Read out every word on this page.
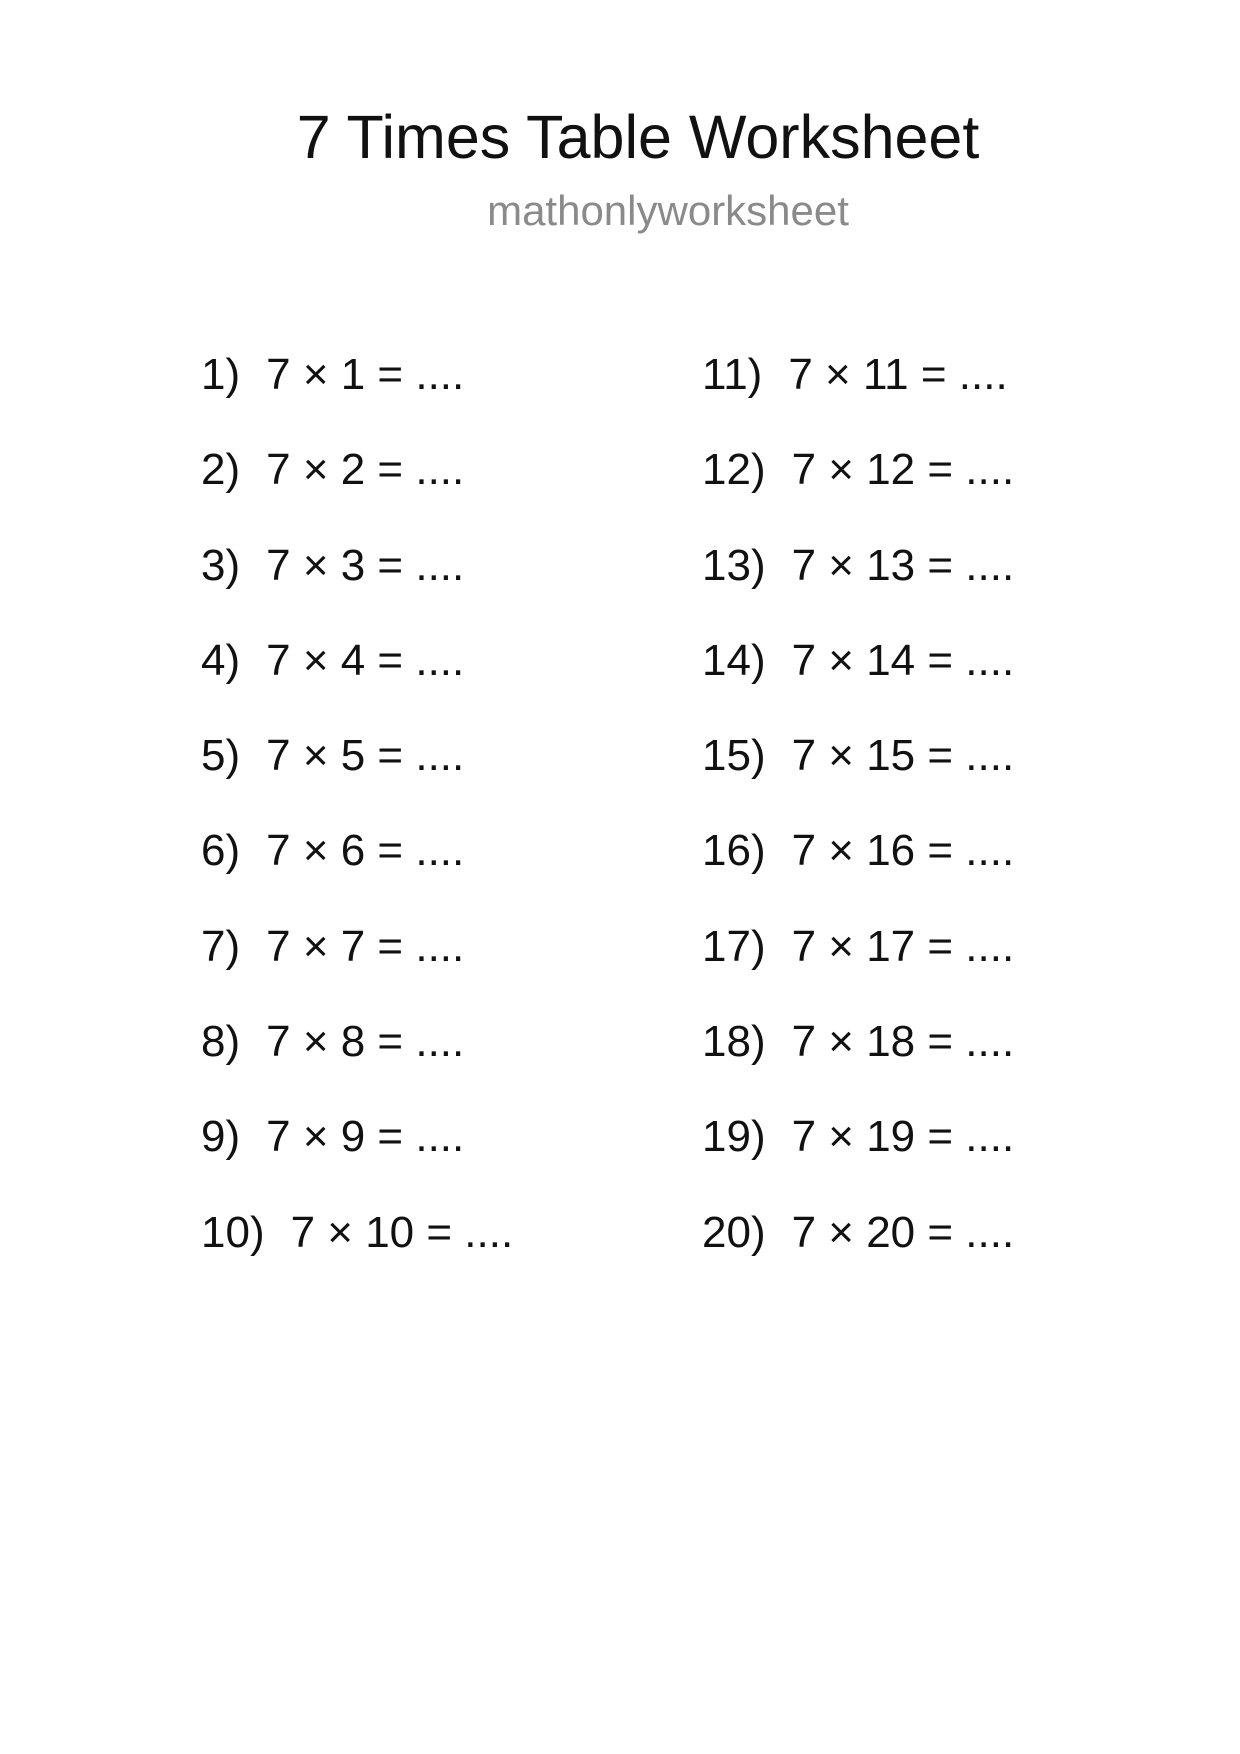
7 Times Table Worksheet
mathonlyworksheet
1) 7 × 1 = ....
2) 7 × 2 = ....
3) 7 × 3 = ....
4) 7 × 4 = ....
5) 7 × 5 = ....
6) 7 × 6 = ....
7) 7 × 7 = ....
8) 7 × 8 = ....
9) 7 × 9 = ....
10) 7 × 10 = ....
11) 7 × 11 = ....
12) 7 × 12 = ....
13) 7 × 13 = ....
14) 7 × 14 = ....
15) 7 × 15 = ....
16) 7 × 16 = ....
17) 7 × 17 = ....
18) 7 × 18 = ....
19) 7 × 19 = ....
20) 7 × 20 = ....
